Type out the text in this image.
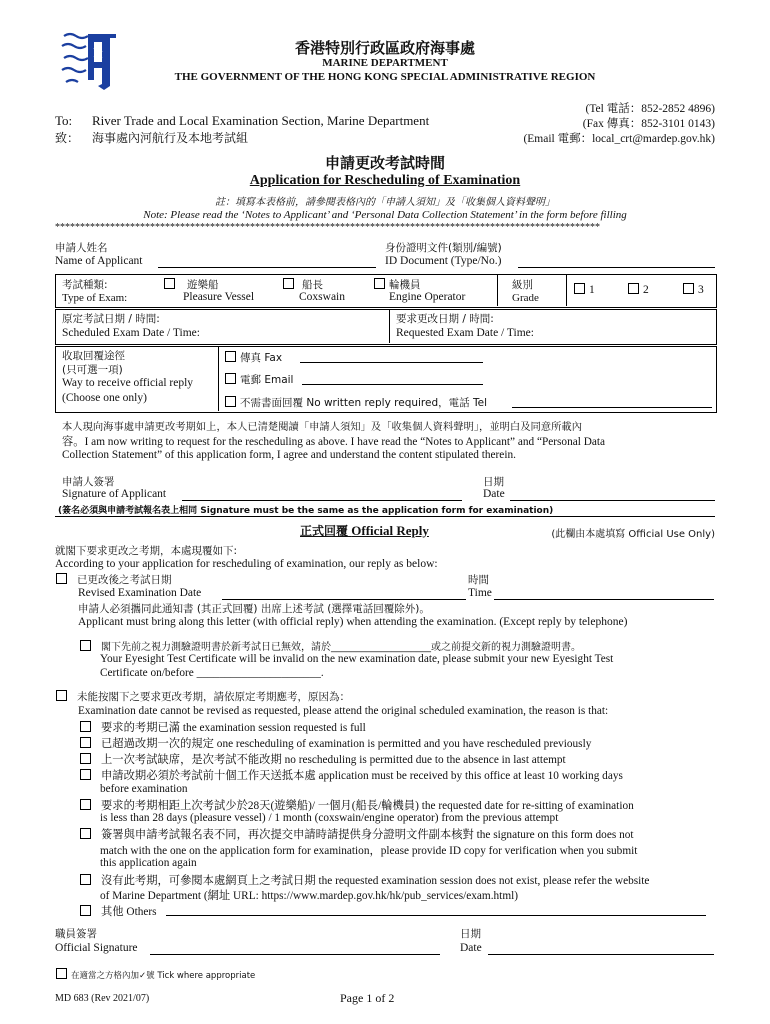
香港特別行政區政府海事處
MARINE DEPARTMENT
THE GOVERNMENT OF THE HONG KONG SPECIAL ADMINISTRATIVE REGION
To: River Trade and Local Examination Section, Marine Department
致： 海事處內河航行及本地考試組
(Tel 電話：852-2852 4896)
(Fax 傳真：852-3101 0143)
(Email 電郵：local_crt@mardep.gov.hk)
申請更改考試時間
Application for Rescheduling of Examination
註：填寫本表格前，請參閱表格內的「申請人須知」及「收集個人資料聲明」
Note: Please read the ‘Notes to Applicant’ and ‘Personal Data Collection Statement’ in the form before filling
*************************************************************************************************************
申請人姓名
Name of Applicant
身份證明文件(類別/編號)
ID Document (Type/No.)
考試種類:
Type of Exam:
遊樂船
Pleasure Vessel
船長
Coxswain
輪機員
Engine Operator
級別
Grade
1	2	3
原定考試日期 / 時間:
Scheduled Exam Date / Time:
要求更改日期 / 時間:
Requested Exam Date / Time:
收取回覆途徑
(只可選一項)
Way to receive official reply
(Choose one only)
傳真 Fax
電郵 Email
不需書面回覆 No written reply required，電話 Tel
本人現向海事處申請更改考期如上，本人已清楚閱讀「申請人須知」及「收集個人資料聲明」，並明白及同意所載內
容。I am now writing to request for the rescheduling as above. I have read the “Notes to Applicant” and “Personal Data
Collection Statement” of this application form, I agree and understand the content stipulated therein.
申請人簽署
Signature of Applicant
日期
Date
(簽名必須與申請考試報名表上相同 Signature must be the same as the application form for examination)
正式回覆 Official Reply	(此欄由本處填寫 Official Use Only)
就閣下要求更改之考期，本處現覆如下:
According to your application for rescheduling of examination, our reply as below:
已更改後之考試日期	時間
Revised Examination Date	Time
申請人必須攜同此通知書 (其正式回覆) 出席上述考試 (選擇電話回覆除外)。
Applicant must bring along this letter (with official reply) when attending the examination. (Except reply by telephone)
閣下先前之視力測驗證明書於新考試日已無效，請於____________________或之前提交新的視力測驗證明書。
Your Eyesight Test Certificate will be invalid on the new examination date, please submit your new Eyesight Test
Certificate on/before ______________________.
未能按閣下之要求更改考期，請依原定考期應考，原因為：
Examination date cannot be revised as requested, please attend the original scheduled examination, the reason is that:
要求的考期已滿 the examination session requested is full
已超過改期一次的規定 one rescheduling of examination is permitted and you have rescheduled previously
上一次考試缺席，是次考試不能改期 no rescheduling is permitted due to the absence in last attempt
申請改期必須於考試前十個工作天送抵本處 application must be received by this office at least 10 working days
before examination
要求的考期相距上次考試少於28天(遊樂船)/ 一個月(船長/輪機員) the requested date for re-sitting of examination
is less than 28 days (pleasure vessel) / 1 month (coxswain/engine operator) from the previous attempt
簽署與申請考試報名表不同，再次提交申請時請提供身分證明文件副本核對 the signature on this form does not
match with the one on the application form for examination，please provide ID copy for verification when you submit
this application again
沒有此考期，可參閱本處網頁上之考試日期 the requested examination session does not exist, please refer the website
of Marine Department (網址 URL: https://www.mardep.gov.hk/hk/pub_services/exam.html)
其他 Others
職員簽署
Official Signature
日期
Date
在適當之方格內加✓號 Tick where appropriate
MD 683 (Rev 2021/07)	Page 1 of 2
